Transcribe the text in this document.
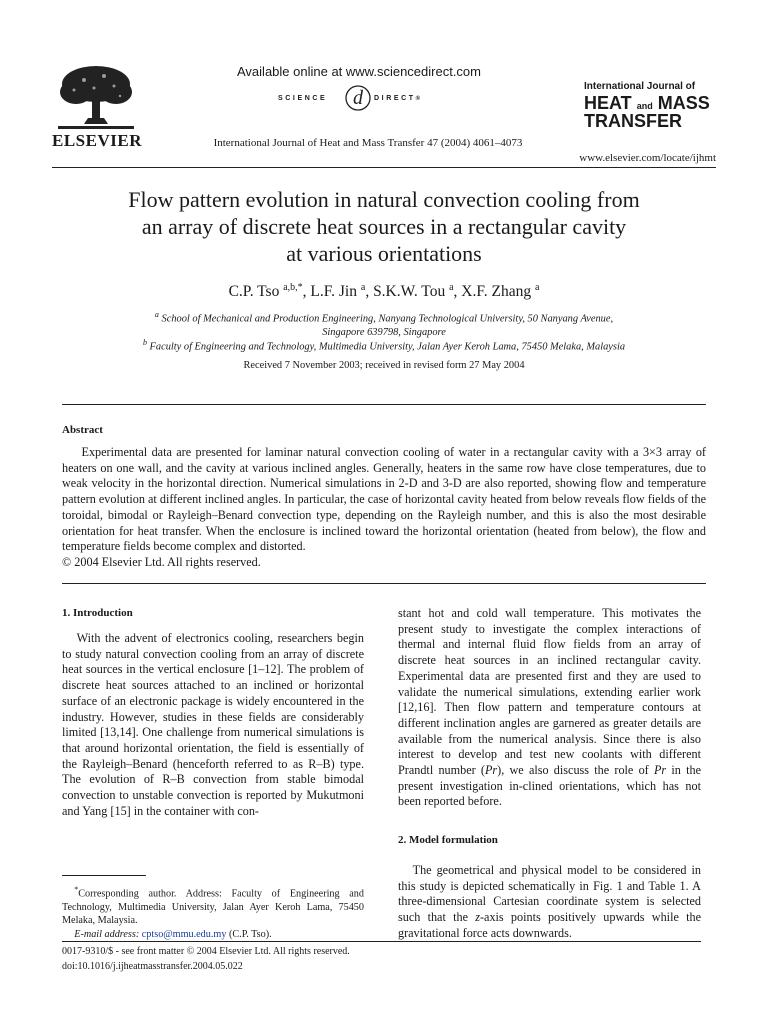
ELSEVIER
Available online at www.sciencedirect.com
SCIENCE d DIRECT®
International Journal of Heat and Mass Transfer 47 (2004) 4061–4073
International Journal of
HEAT and MASS
TRANSFER
www.elsevier.com/locate/ijhmt
Flow pattern evolution in natural convection cooling from
an array of discrete heat sources in a rectangular cavity
at various orientations
C.P. Tso $^{a,b,*}$, L.F. Jin $^a$, S.K.W. Tou $^a$, X.F. Zhang $^a$
$^a$ School of Mechanical and Production Engineering, Nanyang Technological University, 50 Nanyang Avenue,
Singapore 639798, Singapore
$^b$ Faculty of Engineering and Technology, Multimedia University, Jalan Ayer Keroh Lama, 75450 Melaka, Malaysia
Received 7 November 2003; received in revised form 27 May 2004
Abstract
Experimental data are presented for laminar natural convection cooling of water in a rectangular cavity with a 3×3 array of heaters on one wall, and the cavity at various inclined angles. Generally, heaters in the same row have close temperatures, due to weak velocity in the horizontal direction. Numerical simulations in 2-D and 3-D are also reported, showing flow and temperature pattern evolution at different inclined angles. In particular, the case of horizontal cavity heated from below reveals flow fields of the toroidal, bimodal or Rayleigh–Benard convection type, depending on the Rayleigh number, and this is also the most desirable orientation for heat transfer. When the enclosure is inclined toward the horizontal orientation (heated from below), the flow and temperature fields become complex and distorted.
© 2004 Elsevier Ltd. All rights reserved.
1. Introduction
With the advent of electronics cooling, researchers begin to study natural convection cooling from an array of discrete heat sources in the vertical enclosure [1–12]. The problem of discrete heat sources attached to an inclined or horizontal surface of an electronic package is widely encountered in the industry. However, studies in these fields are considerably limited [13,14]. One challenge from numerical simulations is that around horizontal orientation, the field is essentially of the Rayleigh–Benard (henceforth referred to as R–B) type. The evolution of R–B convection from stable bimodal convection to unstable convection is reported by Mukutmoni and Yang [15] in the container with con-
*Corresponding author. Address: Faculty of Engineering and Technology, Multimedia University, Jalan Ayer Keroh Lama, 75450 Melaka, Malaysia.
E-mail address: cptso@mmu.edu.my (C.P. Tso).
stant hot and cold wall temperature. This motivates the present study to investigate the complex interactions of thermal and internal fluid flow fields from an array of discrete heat sources in an inclined rectangular cavity. Experimental data are presented first and they are used to validate the numerical simulations, extending earlier work [12,16]. Then flow pattern and temperature contours at different inclination angles are garnered as greater details are available from the numerical analysis. Since there is also interest to develop and test new coolants with different Prandtl number (Pr), we also discuss the role of Pr in the present investigation in-clined orientations, which has not been reported before.
2. Model formulation
The geometrical and physical model to be considered in this study is depicted schematically in Fig. 1 and Table 1. A three-dimensional Cartesian coordinate system is selected such that the z-axis points positively upwards while the gravitational force acts downwards.
0017-9310/$ - see front matter © 2004 Elsevier Ltd. All rights reserved.
doi:10.1016/j.ijheatmasstransfer.2004.05.022
